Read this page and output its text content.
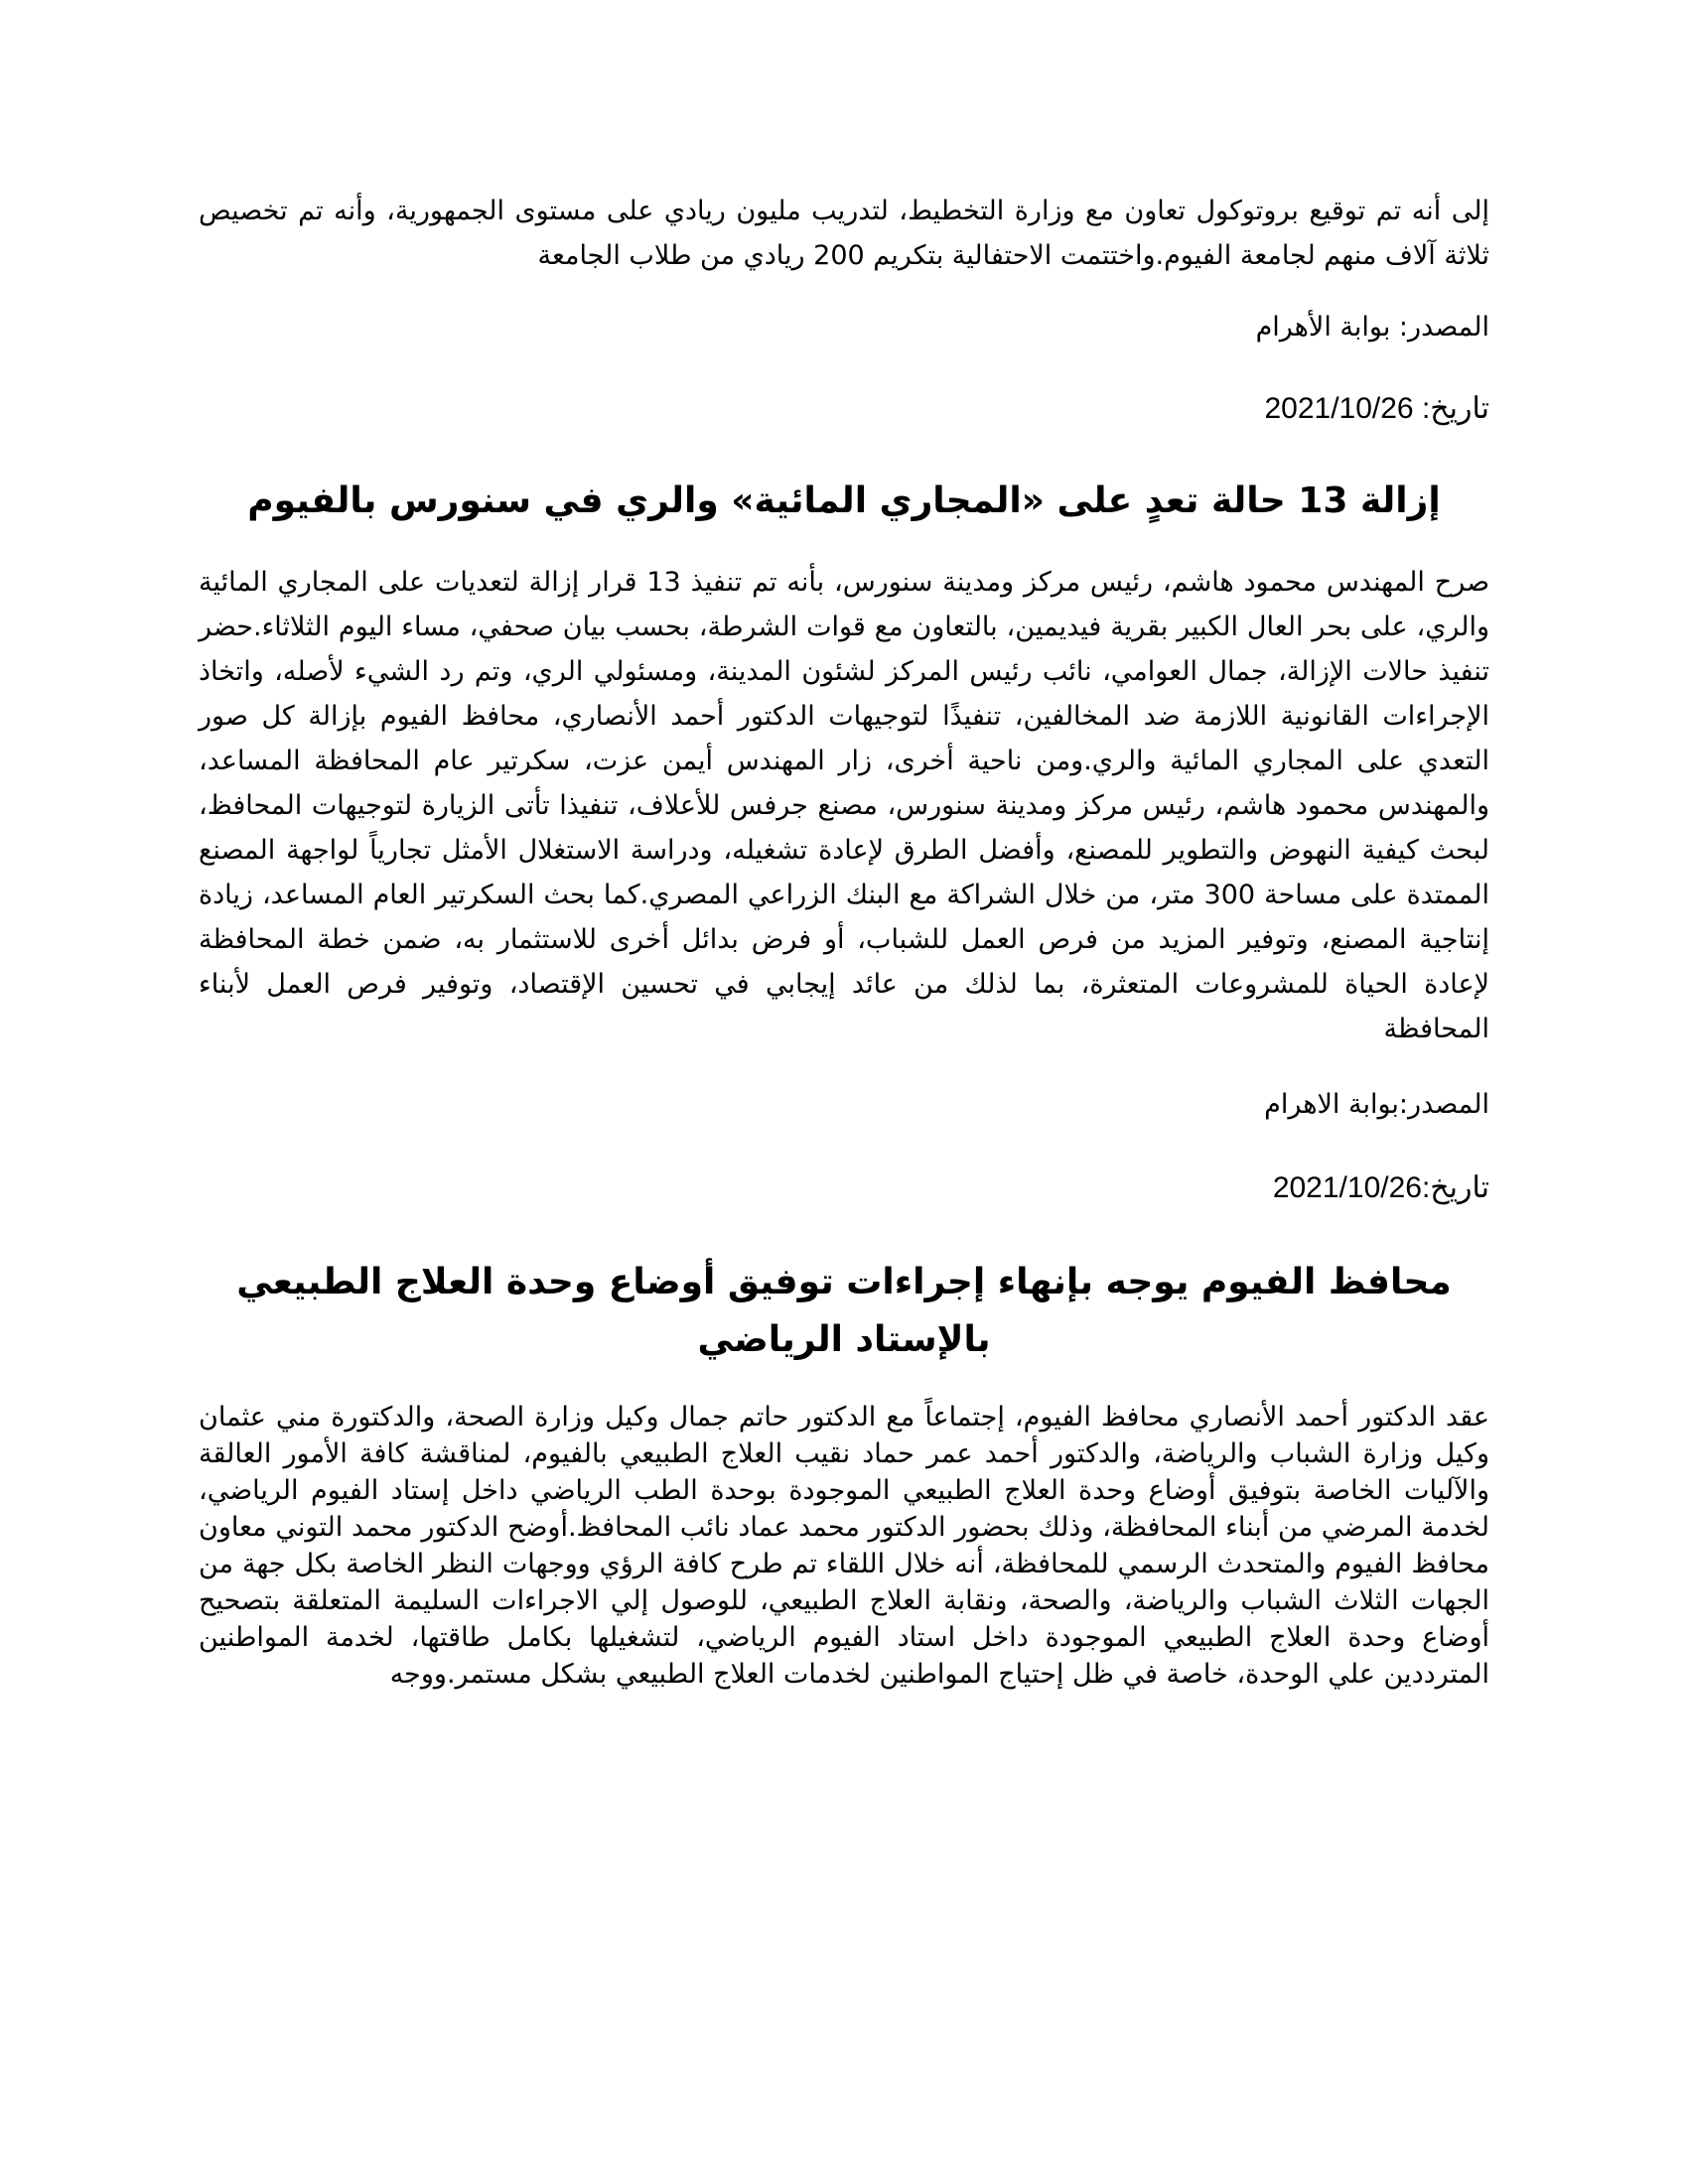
إلى أنه تم توقيع بروتوكول تعاون مع وزارة التخطيط، لتدريب مليون ريادي على مستوى الجمهورية، وأنه تم تخصيص ثلاثة آلاف منهم لجامعة الفيوم.واختتمت الاحتفالية بتكريم 200 ريادي من طلاب الجامعة

المصدر: بوابة الأهرام

تاريخ: 2021/10/26

إزالة 13 حالة تعدٍ على «المجاري المائية» والري في سنورس بالفيوم

صرح المهندس محمود هاشم، رئيس مركز ومدينة سنورس، بأنه تم تنفيذ 13 قرار إزالة لتعديات على المجاري المائية والري، على بحر العال الكبير بقرية فيديمين، بالتعاون مع قوات الشرطة، بحسب بيان صحفي، مساء اليوم الثلاثاء.حضر تنفيذ حالات الإزالة، جمال العوامي، نائب رئيس المركز لشئون المدينة، ومسئولي الري، وتم رد الشيء لأصله، واتخاذ الإجراءات القانونية اللازمة ضد المخالفين، تنفيذًا لتوجيهات الدكتور أحمد الأنصاري، محافظ الفيوم بإزالة كل صور التعدي على المجاري المائية والري.ومن ناحية أخرى، زار المهندس أيمن عزت، سكرتير عام المحافظة المساعد، والمهندس محمود هاشم، رئيس مركز ومدينة سنورس، مصنع جرفس للأعلاف، تنفيذا تأتى الزيارة لتوجيهات المحافظ، لبحث كيفية النهوض والتطوير للمصنع، وأفضل الطرق لإعادة تشغيله، ودراسة الاستغلال الأمثل تجارياً لواجهة المصنع الممتدة على مساحة 300 متر، من خلال الشراكة مع البنك الزراعي المصري.كما بحث السكرتير العام المساعد، زيادة إنتاجية المصنع، وتوفير المزيد من فرص العمل للشباب، أو فرض بدائل أخرى للاستثمار به، ضمن خطة المحافظة لإعادة الحياة للمشروعات المتعثرة، بما لذلك من عائد إيجابي في تحسين الإقتصاد، وتوفير فرص العمل لأبناء المحافظة

المصدر:بوابة الاهرام

تاريخ:2021/10/26

محافظ الفيوم يوجه بإنهاء إجراءات توفيق أوضاع وحدة العلاج الطبيعي بالإستاد الرياضي

عقد الدكتور أحمد الأنصاري محافظ الفيوم، إجتماعاً مع الدكتور حاتم جمال وكيل وزارة الصحة، والدكتورة مني عثمان وكيل وزارة الشباب والرياضة، والدكتور أحمد عمر حماد نقيب العلاج الطبيعي بالفيوم، لمناقشة كافة الأمور العالقة والآليات الخاصة بتوفيق أوضاع وحدة العلاج الطبيعي الموجودة بوحدة الطب الرياضي داخل إستاد الفيوم الرياضي، لخدمة المرضي من أبناء المحافظة، وذلك بحضور الدكتور محمد عماد نائب المحافظ.أوضح الدكتور محمد التوني معاون محافظ الفيوم والمتحدث الرسمي للمحافظة، أنه خلال اللقاء تم طرح كافة الرؤي ووجهات النظر الخاصة بكل جهة من الجهات الثلاث الشباب والرياضة، والصحة، ونقابة العلاج الطبيعي، للوصول إلي الاجراءات السليمة المتعلقة بتصحيح أوضاع وحدة العلاج الطبيعي الموجودة داخل استاد الفيوم الرياضي، لتشغيلها بكامل طاقتها، لخدمة المواطنين المترددين علي الوحدة، خاصة في ظل إحتياج المواطنين لخدمات العلاج الطبيعي بشكل مستمر.ووجه
